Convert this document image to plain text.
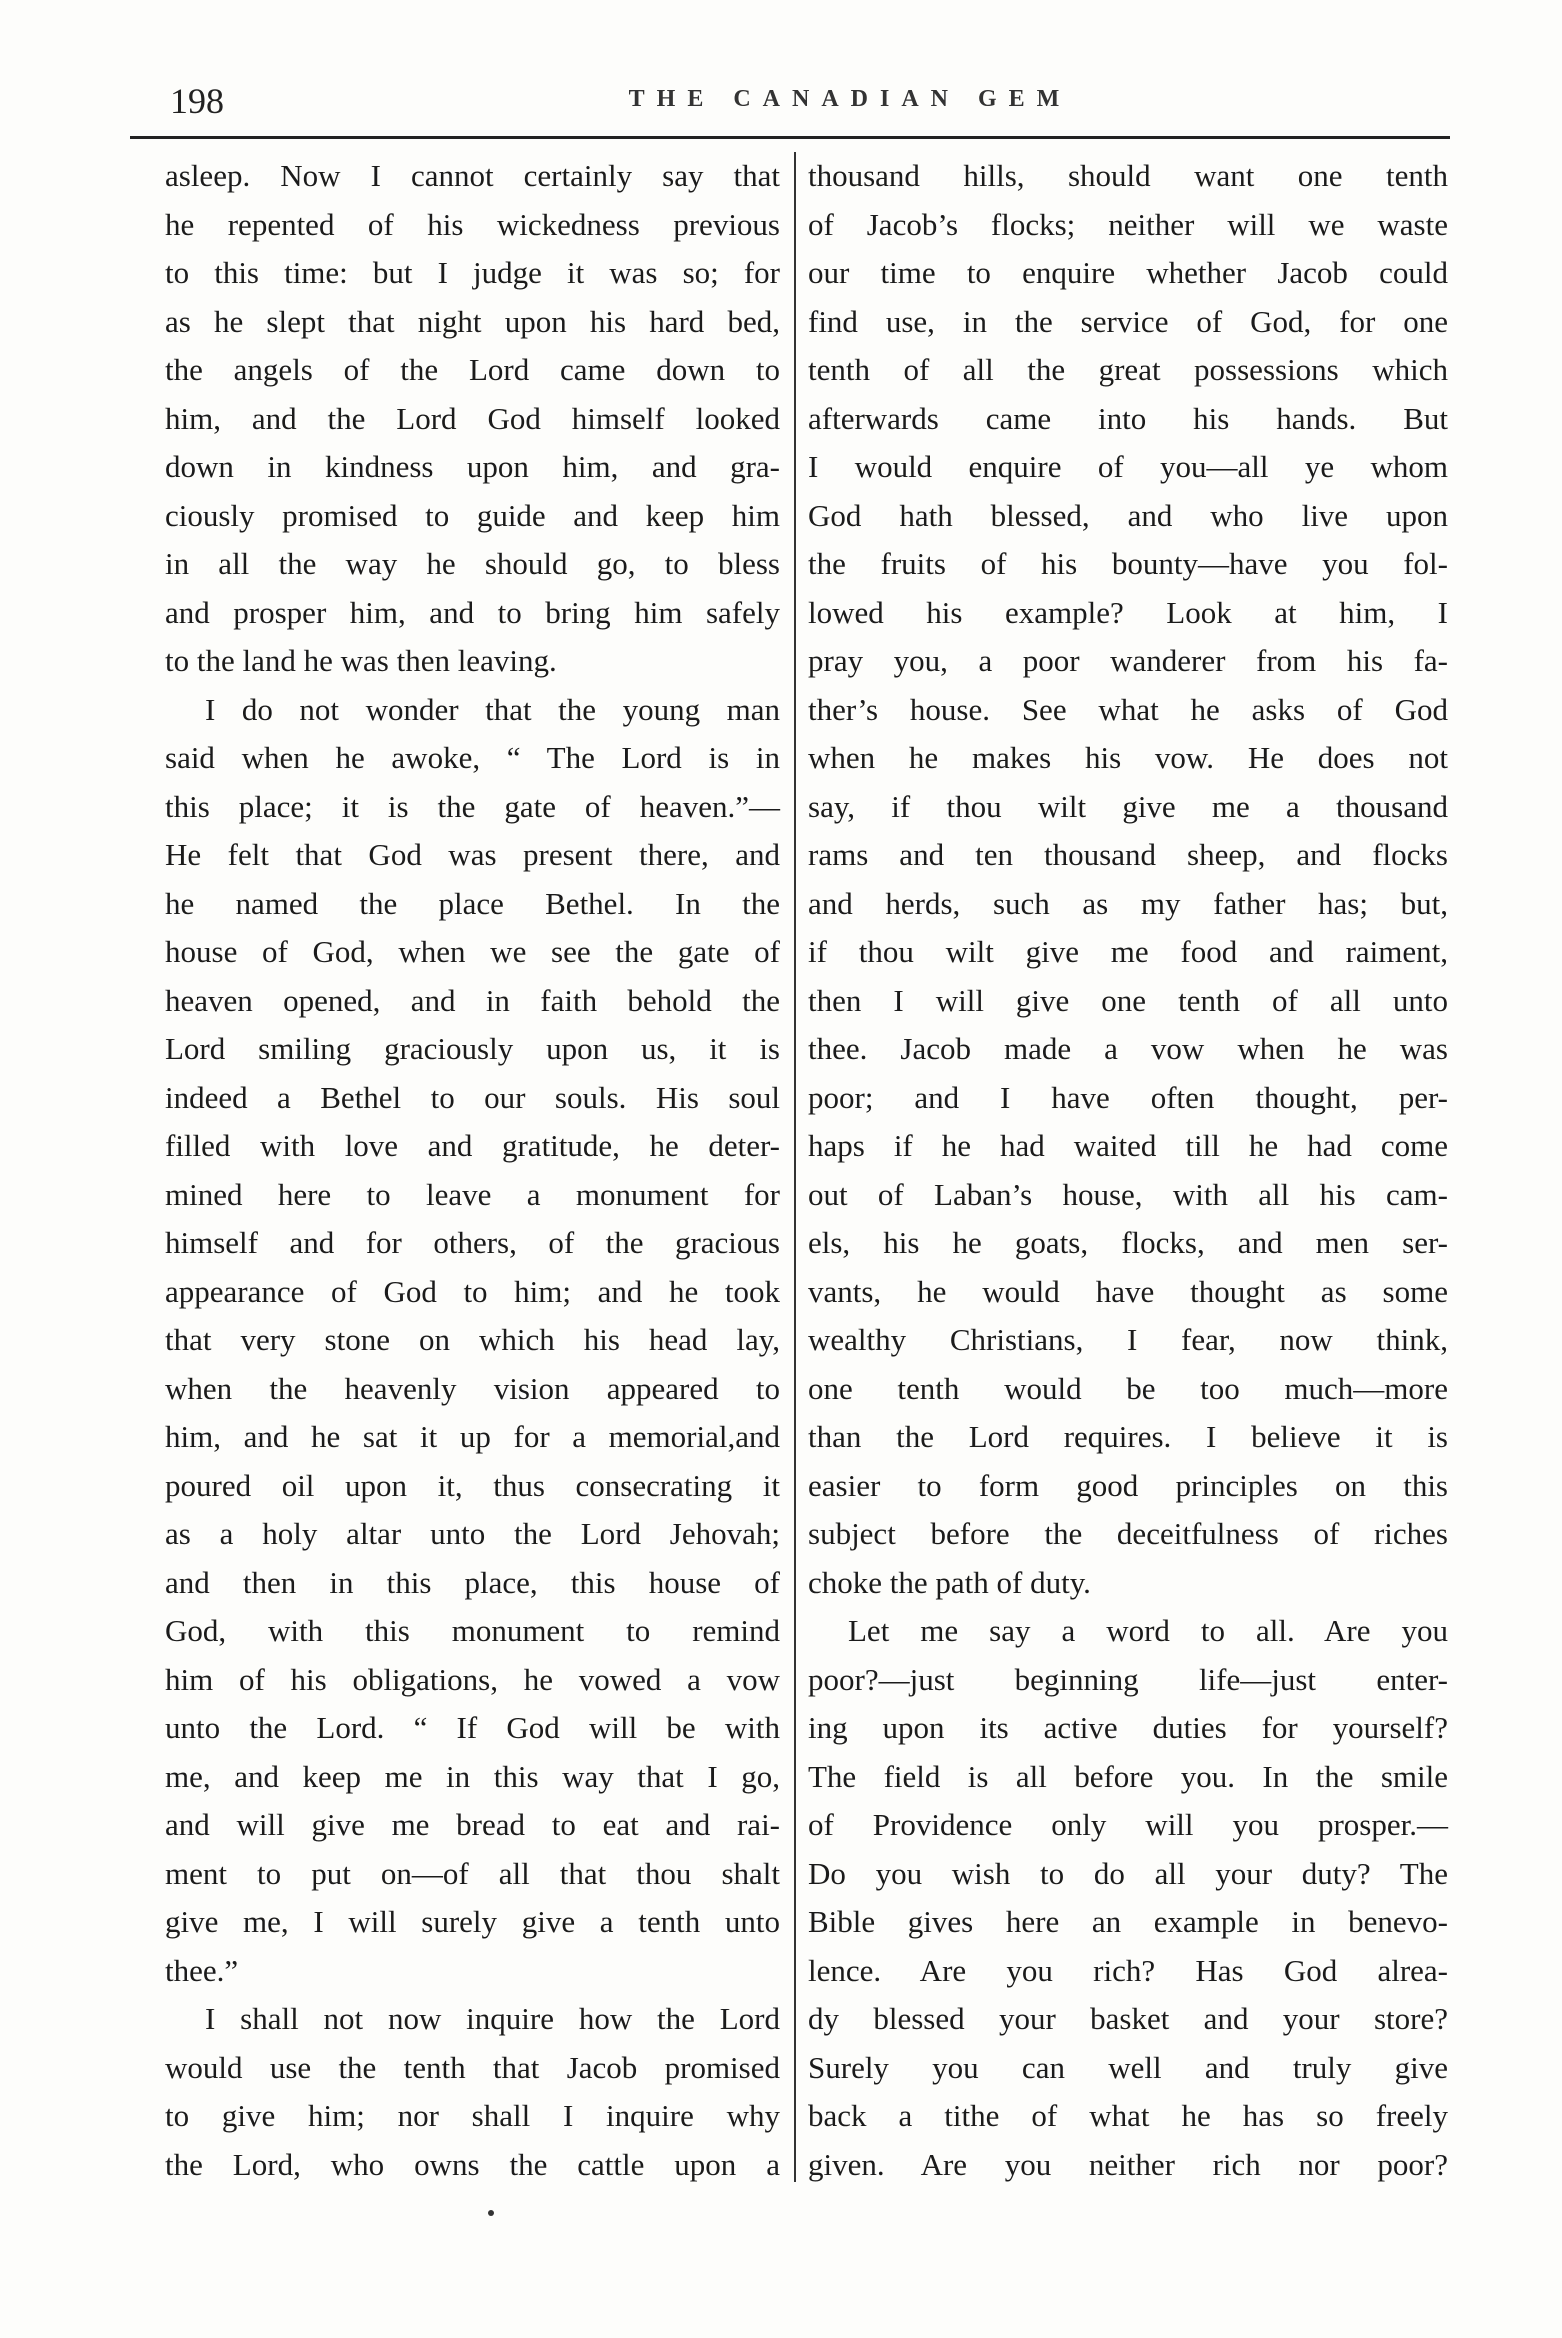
198	THE CANADIAN GEM
asleep. Now I cannot certainly say that
he repented of his wickedness previous
to this time: but I judge it was so; for
as he slept that night upon his hard bed,
the angels of the Lord came down to
him, and the Lord God himself looked
down in kindness upon him, and gra-
ciously promised to guide and keep him
in all the way he should go, to bless
and prosper him, and to bring him safely
to the land he was then leaving.
I do not wonder that the young man
said when he awoke, “ The Lord is in
this place; it is the gate of heaven.”—
He felt that God was present there, and
he named the place Bethel. In the
house of God, when we see the gate of
heaven opened, and in faith behold the
Lord smiling graciously upon us, it is
indeed a Bethel to our souls. His soul
filled with love and gratitude, he deter-
mined here to leave a monument for
himself and for others, of the gracious
appearance of God to him; and he took
that very stone on which his head lay,
when the heavenly vision appeared to
him, and he sat it up for a memorial,and
poured oil upon it, thus consecrating it
as a holy altar unto the Lord Jehovah;
and then in this place, this house of
God, with this monument to remind
him of his obligations, he vowed a vow
unto the Lord. “ If God will be with
me, and keep me in this way that I go,
and will give me bread to eat and rai-
ment to put on—of all that thou shalt
give me, I will surely give a tenth unto
thee.”
I shall not now inquire how the Lord
would use the tenth that Jacob promised
to give him; nor shall I inquire why
the Lord, who owns the cattle upon a
thousand hills, should want one tenth
of Jacob’s flocks; neither will we waste
our time to enquire whether Jacob could
find use, in the service of God, for one
tenth of all the great possessions which
afterwards came into his hands. But
I would enquire of you—all ye whom
God hath blessed, and who live upon
the fruits of his bounty—have you fol-
lowed his example? Look at him, I
pray you, a poor wanderer from his fa-
ther’s house. See what he asks of God
when he makes his vow. He does not
say, if thou wilt give me a thousand
rams and ten thousand sheep, and flocks
and herds, such as my father has; but,
if thou wilt give me food and raiment,
then I will give one tenth of all unto
thee. Jacob made a vow when he was
poor; and I have often thought, per-
haps if he had waited till he had come
out of Laban’s house, with all his cam-
els, his he goats, flocks, and men ser-
vants, he would have thought as some
wealthy Christians, I fear, now think,
one tenth would be too much—more
than the Lord requires. I believe it is
easier to form good principles on this
subject before the deceitfulness of riches
choke the path of duty.
Let me say a word to all. Are you
poor?—just beginning life—just enter-
ing upon its active duties for yourself?
The field is all before you. In the smile
of Providence only will you prosper.—
Do you wish to do all your duty? The
Bible gives here an example in benevo-
lence. Are you rich? Has God alrea-
dy blessed your basket and your store?
Surely you can well and truly give
back a tithe of what he has so freely
given. Are you neither rich nor poor?
